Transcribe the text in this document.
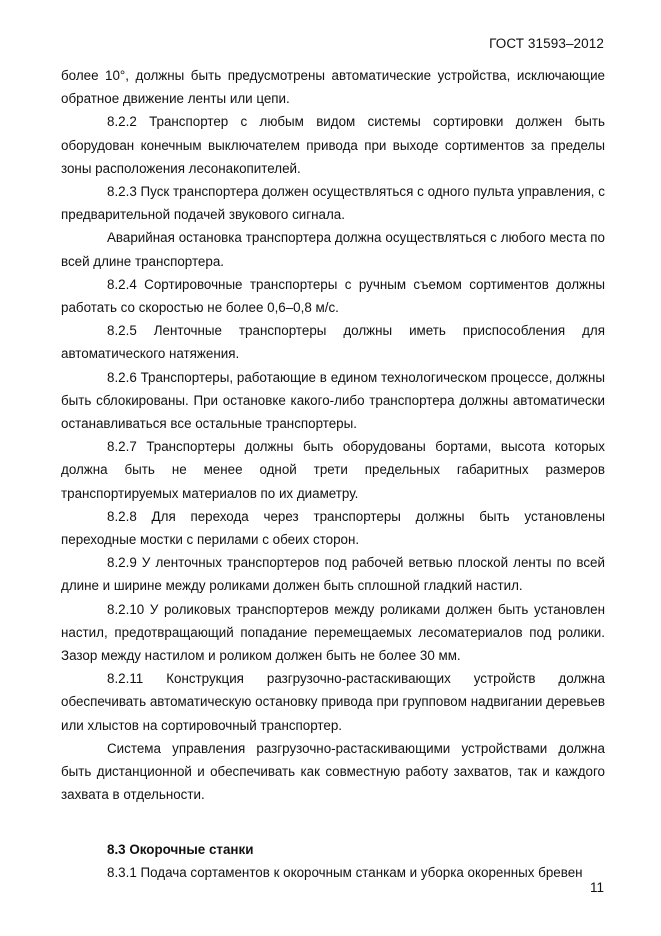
ГОСТ 31593–2012

более 10°, должны быть предусмотрены автоматические устройства, исключающие обратное движение ленты или цепи.

8.2.2 Транспортер с любым видом системы сортировки должен быть оборудован конечным выключателем привода при выходе сортиментов за пределы зоны расположения лесонакопителей.

8.2.3 Пуск транспортера должен осуществляться с одного пульта управления, с предварительной подачей звукового сигнала.

Аварийная остановка транспортера должна осуществляться с любого места по всей длине транспортера.

8.2.4 Сортировочные транспортеры с ручным съемом сортиментов должны работать со скоростью не более 0,6–0,8 м/с.

8.2.5 Ленточные транспортеры должны иметь приспособления для автоматического натяжения.

8.2.6 Транспортеры, работающие в едином технологическом процессе, должны быть сблокированы. При остановке какого-либо транспортера должны автоматически останавливаться все остальные транспортеры.

8.2.7 Транспортеры должны быть оборудованы бортами, высота которых должна быть не менее одной трети предельных габаритных размеров транспортируемых материалов по их диаметру.

8.2.8 Для перехода через транспортеры должны быть установлены переходные мостки с перилами с обеих сторон.

8.2.9 У ленточных транспортеров под рабочей ветвью плоской ленты по всей длине и ширине между роликами должен быть сплошной гладкий настил.

8.2.10 У роликовых транспортеров между роликами должен быть установлен настил, предотвращающий попадание перемещаемых лесоматериалов под ролики. Зазор между настилом и роликом должен быть не более 30 мм.

8.2.11 Конструкция разгрузочно-растаскивающих устройств должна обеспечивать автоматическую остановку привода при групповом надвигании деревьев или хлыстов на сортировочный транспортер.

Система управления разгрузочно-растаскивающими устройствами должна быть дистанционной и обеспечивать как совместную работу захватов, так и каждого захвата в отдельности.

8.3 Окорочные станки

8.3.1 Подача сортаментов к окорочным станкам и уборка окоренных бревен

11
